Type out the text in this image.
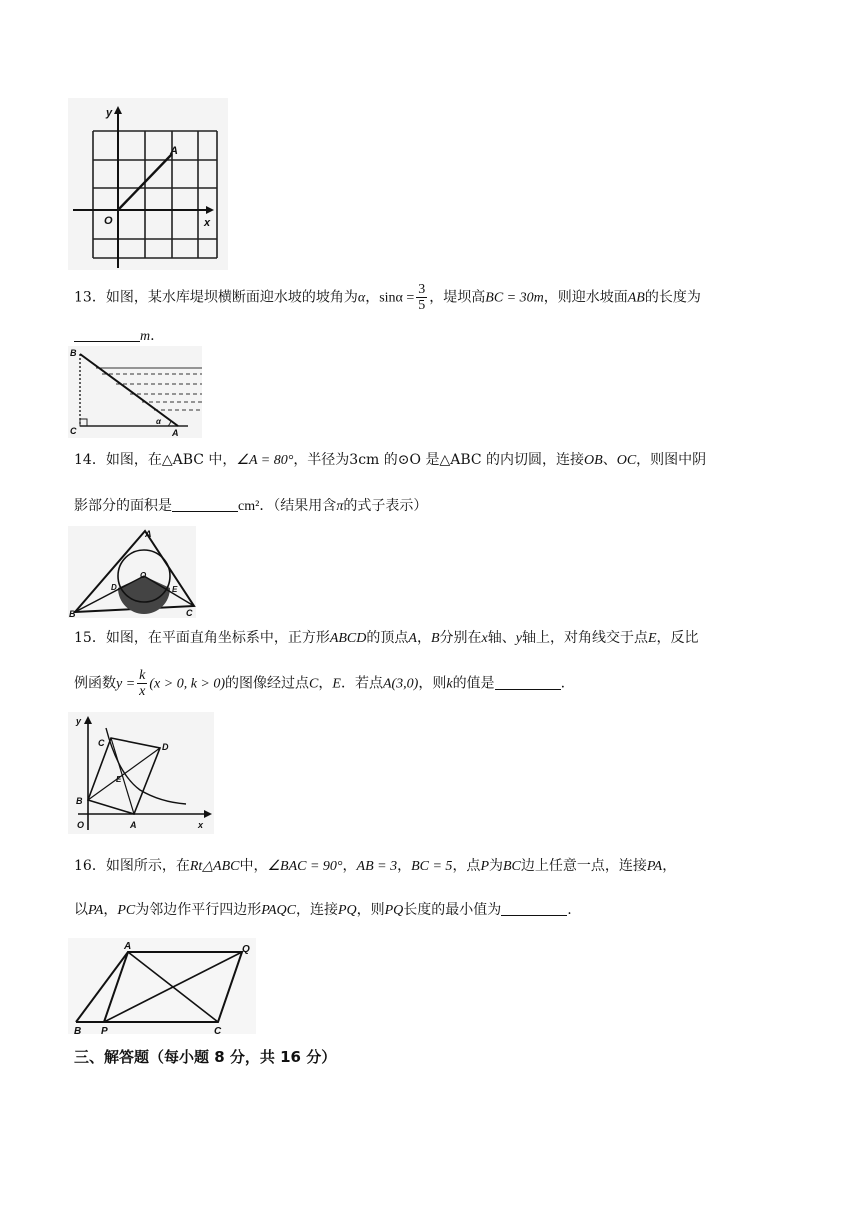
y
A
O	x
13．如图，某水库堤坝横断面迎水坡的坡角为α，$\sin\alpha = \frac{3}{5}$ ，堤坝高BC = 30m，则迎水坡面AB的长度为
m.
B
C	A
α
14．如图，在△ABC 中，∠A = 80°，半径为3cm 的⊙O 是△ABC 的内切圆，连接OB、OC，则图中阴
影部分的面积是	cm²．（结果用含π的式子表示）
A
O
D	E
B	C
15．如图，在平面直角坐标系中，正方形ABCD的顶点A，B分别在x轴、y轴上，对角线交于点E，反比
例函数$y = \frac{k}{x} (x > 0$, k > 0)的图像经过点C，E．若点A(3,0)，则k的值是	.
y
C	D
E
B
O	A	x
16．如图所示，在Rt△ABC中，∠BAC = 90°，AB = 3，BC = 5，点P为BC边上任意一点，连接PA，
以PA，PC为邻边作平行四边形PAQC，连接PQ，则PQ长度的最小值为	.
A	Q
B P	C
三、解答题（每小题 8 分，共 16 分）
